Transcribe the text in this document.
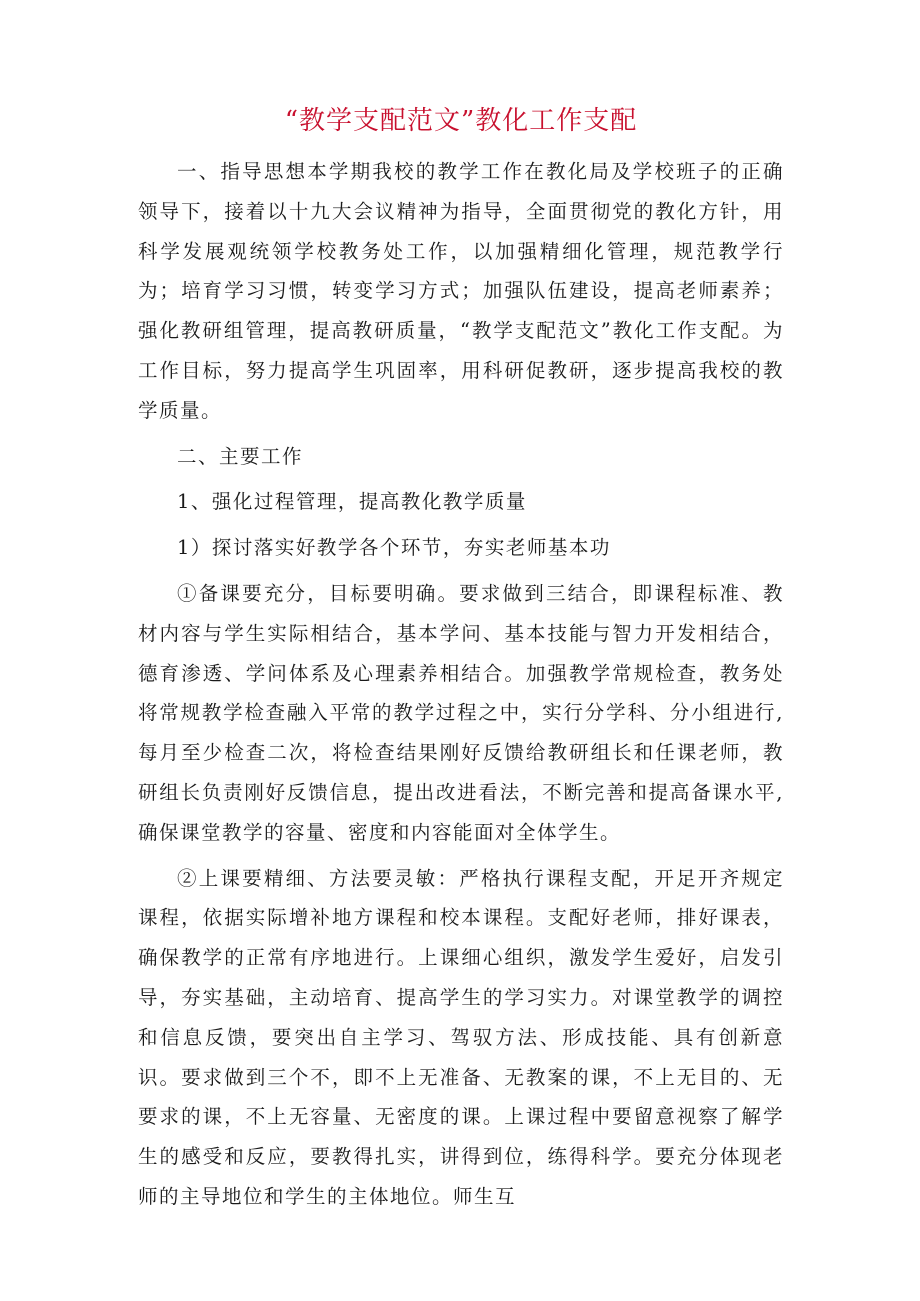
“教学支配范文”教化工作支配

一、指导思想本学期我校的教学工作在教化局及学校班子的正确领导下，接着以十九大会议精神为指导，全面贯彻党的教化方针，用科学发展观统领学校教务处工作，以加强精细化管理，规范教学行为；培育学习习惯，转变学习方式；加强队伍建设，提高老师素养；强化教研组管理，提高教研质量，“教学支配范文”教化工作支配。为工作目标，努力提高学生巩固率，用科研促教研，逐步提高我校的教学质量。

二、主要工作

1、强化过程管理，提高教化教学质量

1）探讨落实好教学各个环节，夯实老师基本功

①备课要充分，目标要明确。要求做到三结合，即课程标准、教材内容与学生实际相结合，基本学问、基本技能与智力开发相结合，德育渗透、学问体系及心理素养相结合。加强教学常规检查，教务处将常规教学检查融入平常的教学过程之中，实行分学科、分小组进行,每月至少检查二次，将检查结果刚好反馈给教研组长和任课老师，教研组长负责刚好反馈信息，提出改进看法，不断完善和提高备课水平,确保课堂教学的容量、密度和内容能面对全体学生。

②上课要精细、方法要灵敏：严格执行课程支配，开足开齐规定课程，依据实际增补地方课程和校本课程。支配好老师，排好课表，确保教学的正常有序地进行。上课细心组织，激发学生爱好，启发引导，夯实基础，主动培育、提高学生的学习实力。对课堂教学的调控和信息反馈，要突出自主学习、驾驭方法、形成技能、具有创新意识。要求做到三个不，即不上无准备、无教案的课，不上无目的、无要求的课，不上无容量、无密度的课。上课过程中要留意视察了解学生的感受和反应，要教得扎实，讲得到位，练得科学。要充分体现老师的主导地位和学生的主体地位。师生互
